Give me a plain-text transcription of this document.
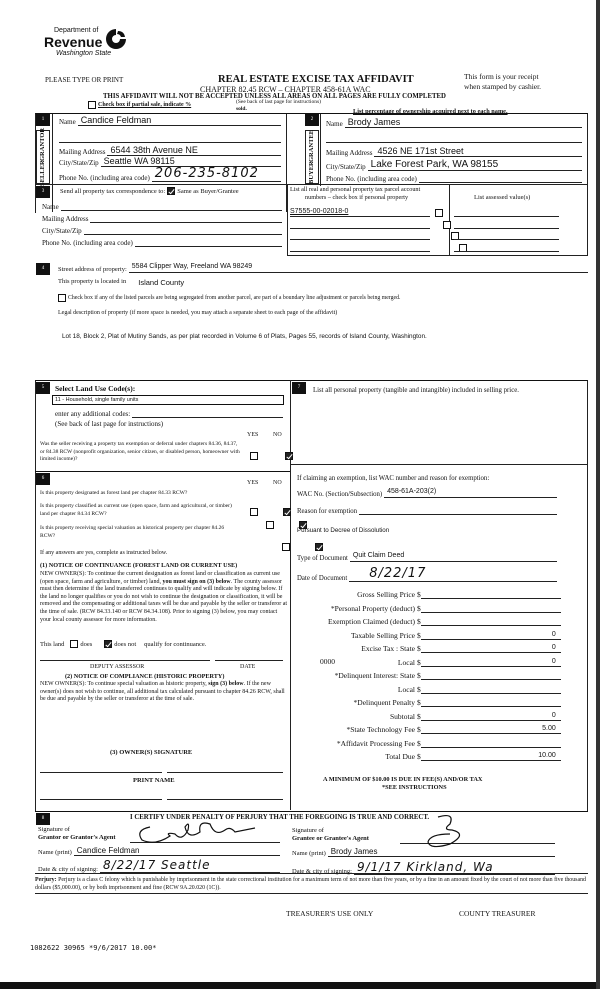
Department of
Revenue
Washington State
REAL ESTATE EXCISE TAX AFFIDAVIT
CHAPTER 82.45 RCW – CHAPTER 458-61A WAC
PLEASE TYPE OR PRINT	This form is your receipt
when stamped by cashier.
THIS AFFIDAVIT WILL NOT BE ACCEPTED UNLESS ALL AREAS ON ALL PAGES ARE FULLY COMPLETED
Check box if partial sale, indicate %	(See back of last page for instructions)
sold.	List percentage of ownership acquired next to each name.
1
SELLER
GRANTOR
Name Candice Feldman
Mailing Address 6544 38th Avenue NE
City/State/Zip Seattle WA 98115
Phone No. (including area code) 206-235-8102
2
BUYER
GRANTEE
Name Brody James
Mailing Address 4526 NE 171st Street
City/State/Zip Lake Forest Park, WA 98155
Phone No. (including area code)
3	Send all property tax correspondence to: Same as Buyer/Grantee
Name
Mailing Address
City/State/Zip
Phone No. (including area code)
List all real and personal property tax parcel account
numbers – check box if personal property	List assessed value(s)
S7555-00-02018-0
4	Street address of property: 5584 Clipper Way, Freeland WA 98249
This property is located in Island County
Check box if any of the listed parcels are being segregated from another parcel, are part of a boundary line adjustment or parcels being merged.
Legal description of property (if more space is needed, you may attach a separate sheet to each page of the affidavit)
Lot 18, Block 2, Plat of Mutiny Sands, as per plat recorded in Volume 6 of Plats, Pages 55, records of Island County, Washington.
5	Select Land Use Code(s):
11 - Household, single family units
enter any additional codes:
(See back of last page for instructions)
YES NO
Was the seller receiving a property tax exemption or deferral under chapters 84.36, 84.37, or 84.38 RCW (nonprofit organization, senior citizen, or disabled person, homeowner with limited income)?

6
YES NO
Is this property designated as forest land per chapter 84.33 RCW?
Is this property classified as current use (open space, farm and agricultural, or timber) land per chapter 84.34 RCW?
Is this property receiving special valuation as historical property per chapter 84.26 RCW?
If any answers are yes, complete as instructed below.
(1) NOTICE OF CONTINUANCE (FOREST LAND OR CURRENT USE)
NEW OWNER(S): To continue the current designation as forest land or classification as current use (open space, farm and agriculture, or timber) land, you must sign on (3) below. The county assessor must then determine if the land transferred continues to qualify and will indicate by signing below. If the land no longer qualifies or you do not wish to continue the designation or classification, it will be removed and the compensating or additional taxes will be due and payable by the seller or transferor at the time of sale. (RCW 84.33.140 or RCW 84.34.108). Prior to signing (3) below, you may contact your local county assessor for more information.
This land does	does not qualify for continuance.
DEPUTY ASSESSOR	DATE
(2) NOTICE OF COMPLIANCE (HISTORIC PROPERTY)
NEW OWNER(S): To continue special valuation as historic property, sign (3) below. If the new owner(s) does not wish to continue, all additional tax calculated pursuant to chapter 84.26 RCW, shall be due and payable by the seller or transferor at the time of sale.
(3) OWNER(S) SIGNATURE
PRINT NAME
7	List all personal property (tangible and intangible) included in selling price.
If claiming an exemption, list WAC number and reason for exemption:
WAC No. (Section/Subsection) 458-61A-203(2)
Reason for exemption
Pursuant to Decree of Dissolution
Type of Document Quit Claim Deed
Date of Document	8/22/17
Gross Selling Price $
*Personal Property (deduct) $
Exemption Claimed (deduct) $
Taxable Selling Price $	0
Excise Tax : State $	0
0000	Local $	0
*Delinquent Interest: State $
Local $
*Delinquent Penalty $
Subtotal $	0
*State Technology Fee $	5.00
*Affidavit Processing Fee $
Total Due $	10.00
A MINIMUM OF $10.00 IS DUE IN FEE(S) AND/OR TAX
*SEE INSTRUCTIONS
8	I CERTIFY UNDER PENALTY OF PERJURY THAT THE FOREGOING IS TRUE AND CORRECT.
Signature of
Grantor or Grantor's Agent
Name (print) Candice Feldman
Date & city of signing: 8/22/17 Seattle
Signature of
Grantee or Grantee's Agent
Name (print) Brody James
Date & city of signing: 9/1/17 Kirkland, Wa
Perjury: Perjury is a class C felony which is punishable by imprisonment in the state correctional institution for a maximum term of not more than five years, or by a fine in an amount fixed by the court of not more than five thousand dollars ($5,000.00), or by both imprisonment and fine (RCW 9A.20.020 (1C)).
TREASURER'S USE ONLY	COUNTY TREASURER
1082622 30965 *9/6/2017 10.00*
